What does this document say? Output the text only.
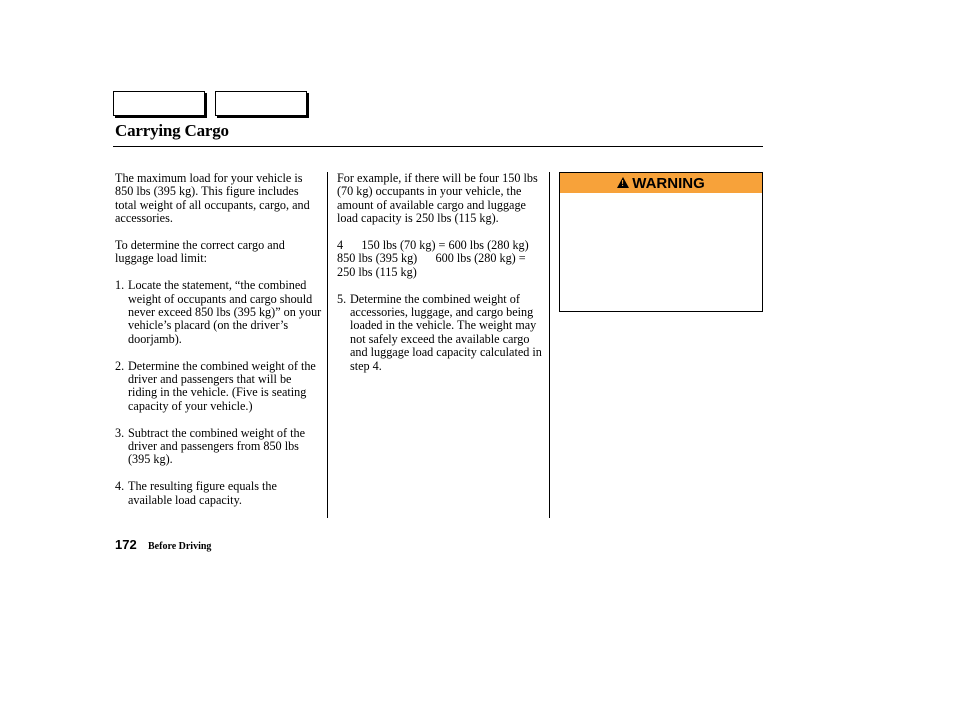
Carrying Cargo

The maximum load for your vehicle is 850 lbs (395 kg). This figure includes total weight of all occupants, cargo, and accessories.

To determine the correct cargo and luggage load limit:

1. Locate the statement, “the combined weight of occupants and cargo should never exceed 850 lbs (395 kg)” on your vehicle’s placard (on the driver’s doorjamb).
2. Determine the combined weight of the driver and passengers that will be riding in the vehicle. (Five is seating capacity of your vehicle.)
3. Subtract the combined weight of the driver and passengers from 850 lbs (395 kg).
4. The resulting figure equals the available load capacity.

For example, if there will be four 150 lbs (70 kg) occupants in your vehicle, the amount of available cargo and luggage load capacity is 250 lbs (115 kg).

4      150 lbs (70 kg) = 600 lbs (280 kg)
850 lbs (395 kg)      600 lbs (280 kg) = 250 lbs (115 kg)
5. Determine the combined weight of accessories, luggage, and cargo being loaded in the vehicle. The weight may not safely exceed the available cargo and luggage load capacity calculated in step 4.
! WARNING
172 Before Driving
